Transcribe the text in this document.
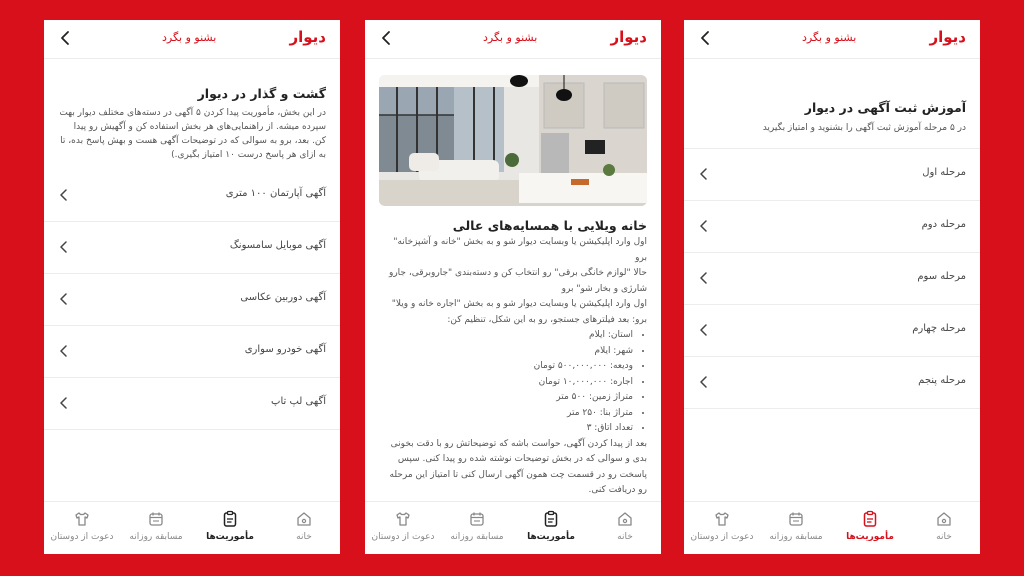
بشنو و بگرد	دیوار
گشت و گذار در دیوار
در این بخش، مأموریت پیدا کردن ۵ آگهی در دسته‌های مختلف دیوار بهت سپرده میشه. از راهنمایی‌های هر بخش استفاده کن و آگهیش رو پیدا کن. بعد، برو به سوالی که در توضیحات آگهی هست و بهش پاسخ بده، تا به ازای هر پاسخ درست ۱۰ امتیاز بگیری.)
آگهی آپارتمان ۱۰۰ متری
آگهی موبایل سامسونگ
آگهی دوربین عکاسی
آگهی خودرو سواری
آگهی لپ تاپ
خانه
مأموریت‌ها
مسابقه روزانه
دعوت از دوستان
بشنو و بگرد	دیوار
خانه ویلایی با همسایه‌های عالی

اول وارد اپلیکیشن یا وبسایت دیوار شو و به بخش "خانه و آشپزخانه" برو

حالا "لوازم خانگی برقی" رو انتخاب کن و دسته‌بندی "جاروبرقی، جارو شارژی و بخار شو" برو

اول وارد اپلیکیشن یا وبسایت دیوار شو و به بخش "اجاره خانه و ویلا" برو: بعد فیلترهای جستجو، رو به این شکل، تنظیم کن:

• استان: ایلام
• شهر: ایلام
• ودیعه: ۵۰۰,۰۰۰,۰۰۰ تومان
• اجاره: ۱۰,۰۰۰,۰۰۰ تومان
• متراژ زمین: ۵۰۰ متر
• متراژ بنا: ۲۵۰ متر
• تعداد اتاق: ۳

بعد از پیدا کردن آگهی، حواست باشه که توضیحاتش رو با دقت بخونی بدی و سوالی که در بخش توضیحات نوشته شده رو پیدا کنی. سپس پاسخت رو در قسمت چت همون آگهی ارسال کنی تا امتیاز این مرحله رو دریافت کنی.

خانه
مأموریت‌ها
مسابقه روزانه
دعوت از دوستان
بشنو و بگرد	دیوار
آموزش ثبت آگهی در دیوار
در ۵ مرحله آموزش ثبت آگهی را بشنوید و امتیاز بگیرید
مرحله اول
مرحله دوم
مرحله سوم
مرحله چهارم
مرحله پنجم
خانه
مأموریت‌ها
مسابقه روزانه
دعوت از دوستان
